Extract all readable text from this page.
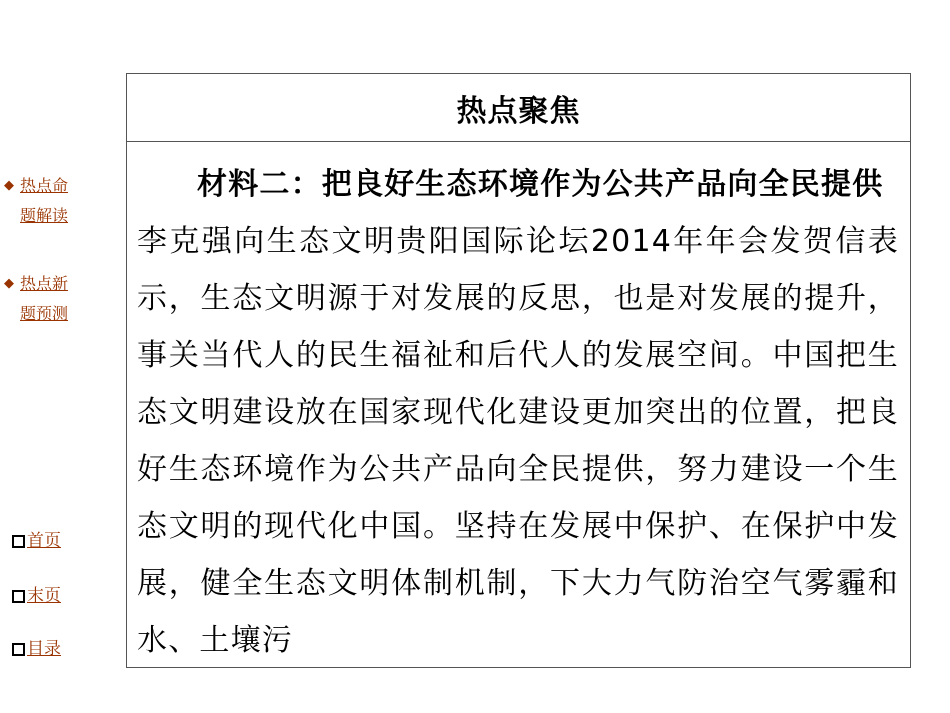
◆ 热点命题解读
◆ 热点新题预测
首页
末页
目录
热点聚焦
材料二：把良好生态环境作为公共产品向全民提供　李克强向生态文明贵阳国际论坛2014年年会发贺信表示，生态文明源于对发展的反思，也是对发展的提升，事关当代人的民生福祉和后代人的发展空间。中国把生态文明建设放在国家现代化建设更加突出的位置，把良好生态环境作为公共产品向全民提供，努力建设一个生态文明的现代化中国。坚持在发展中保护、在保护中发展，健全生态文明体制机制，下大力气防治空气雾霾和水、土壤污
